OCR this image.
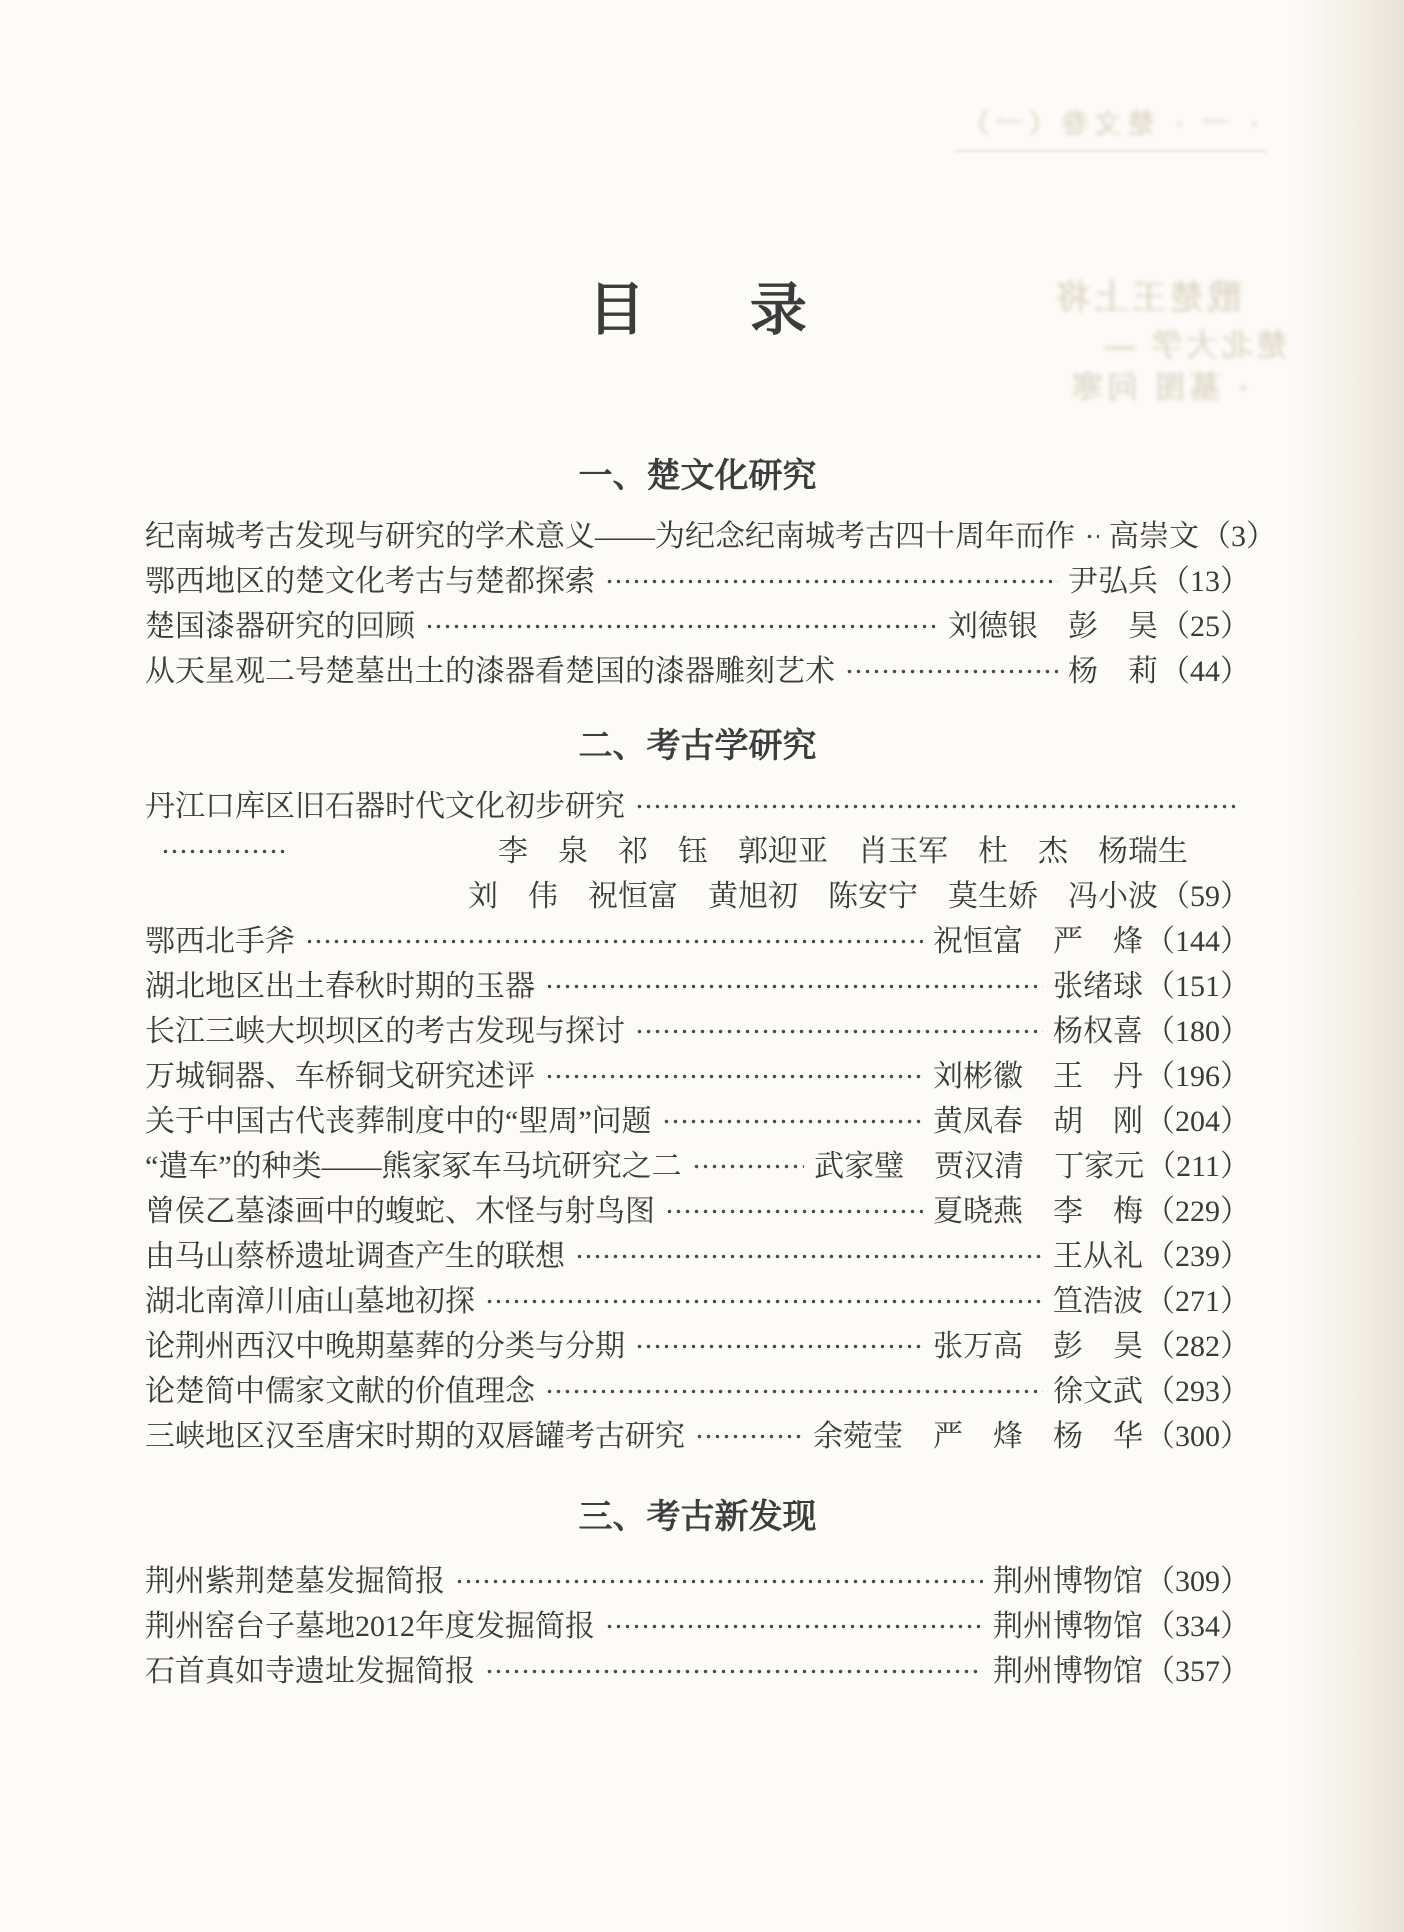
· 一 · 楚文卷（一）
戬楚王上将
楚北大学 —
· 墓图 问寒
目　录
一、楚文化研究
纪南城考古发现与研究的学术意义——为纪念纪南城考古四十周年而作 高崇文 （3）
鄂西地区的楚文化考古与楚都探索	尹弘兵 （13）
楚国漆器研究的回顾	刘德银　彭　昊 （25）
从天星观二号楚墓出土的漆器看楚国的漆器雕刻艺术	杨　莉 （44）
二、考古学研究
丹江口库区旧石器时代文化初步研究
李　泉　祁　钰　郭迎亚　肖玉军　杜　杰　杨瑞生
刘　伟　祝恒富　黄旭初　陈安宁　莫生娇　冯小波 （59）
鄂西北手斧	祝恒富　严　烽 （144）
湖北地区出土春秋时期的玉器	张绪球 （151）
长江三峡大坝坝区的考古发现与探讨	杨权喜 （180）
万城铜器、车桥铜戈研究述评	刘彬徽　王　丹 （196）
关于中国古代丧葬制度中的“堲周”问题	黄凤春　胡　刚 （204）
“遣车”的种类——熊家冢车马坑研究之二	武家璧　贾汉清　丁家元 （211）
曾侯乙墓漆画中的蝮蛇、木怪与射鸟图	夏晓燕　李　梅 （229）
由马山蔡桥遗址调查产生的联想	王从礼 （239）
湖北南漳川庙山墓地初探	笪浩波 （271）
论荆州西汉中晚期墓葬的分类与分期	张万高　彭　昊 （282）
论楚简中儒家文献的价值理念	徐文武 （293）
三峡地区汉至唐宋时期的双唇罐考古研究	余菀莹　严　烽　杨　华 （300）
三、考古新发现
荆州紫荆楚墓发掘简报	荆州博物馆 （309）
荆州窑台子墓地2012年度发掘简报	荆州博物馆 （334）
石首真如寺遗址发掘简报	荆州博物馆 （357）
